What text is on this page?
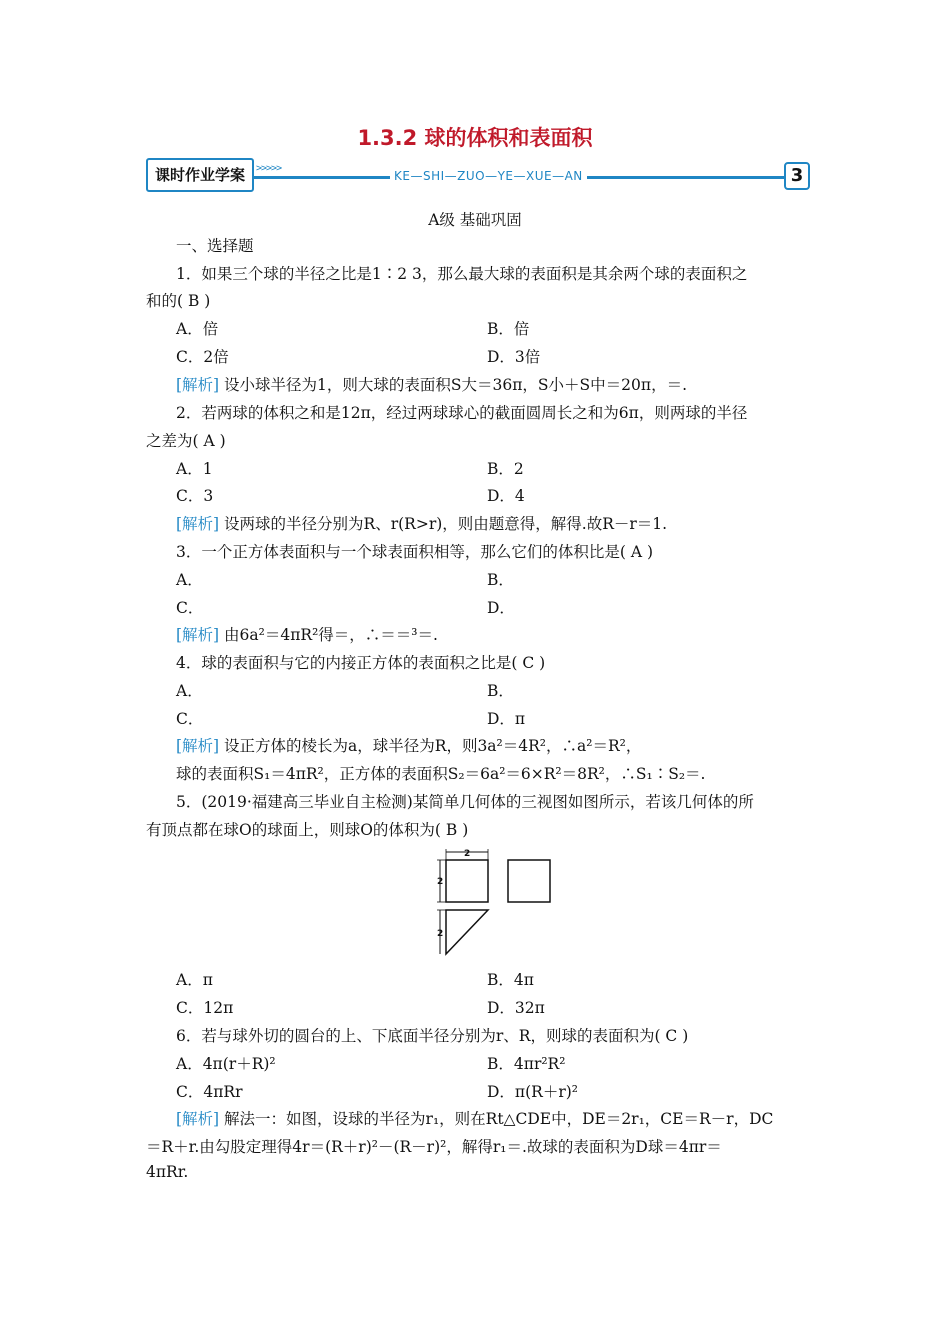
1.3.2 球的体积和表面积
课时作业学案	>>>>>
KE—SHI—ZUO—YE—XUE—AN	3
A级 基础巩固
一、选择题
1．如果三个球的半径之比是1∶2 3，那么最大球的表面积是其余两个球的表面积之
和的( B )
A．倍	B．倍
C．2倍	D．3倍
[解析] 设小球半径为1，则大球的表面积S大＝36π，S小＋S中＝20π，＝.
2．若两球的体积之和是12π，经过两球球心的截面圆周长之和为6π，则两球的半径
之差为( A )
A．1	B．2
C．3	D．4
[解析] 设两球的半径分别为R、r(R>r)，则由题意得，解得.故R－r＝1.
3．一个正方体表面积与一个球表面积相等，那么它们的体积比是( A )
A．	B．
C．	D．
[解析] 由6a²＝4πR²得＝，∴＝＝³＝.
4．球的表面积与它的内接正方体的表面积之比是( C )
A．	B．
C．	D．π
[解析] 设正方体的棱长为a，球半径为R，则3a²＝4R²，∴a²＝R²，
球的表面积S₁＝4πR²，正方体的表面积S₂＝6a²＝6×R²＝8R²，∴S₁∶S₂＝.
5．(2019·福建高三毕业自主检测)某简单几何体的三视图如图所示，若该几何体的所
有顶点都在球O的球面上，则球O的体积为( B )
2
2
2
A．π	B．4π
C．12π	D．32π
6．若与球外切的圆台的上、下底面半径分别为r、R，则球的表面积为( C )
A．4π(r＋R)²	B．4πr²R²
C．4πRr	D．π(R＋r)²
[解析] 解法一：如图，设球的半径为r₁，则在Rt△CDE中，DE＝2r₁，CE＝R－r，DC
＝R＋r.由勾股定理得4r＝(R＋r)²－(R－r)²，解得r₁＝.故球的表面积为D球＝4πr＝
4πRr.
